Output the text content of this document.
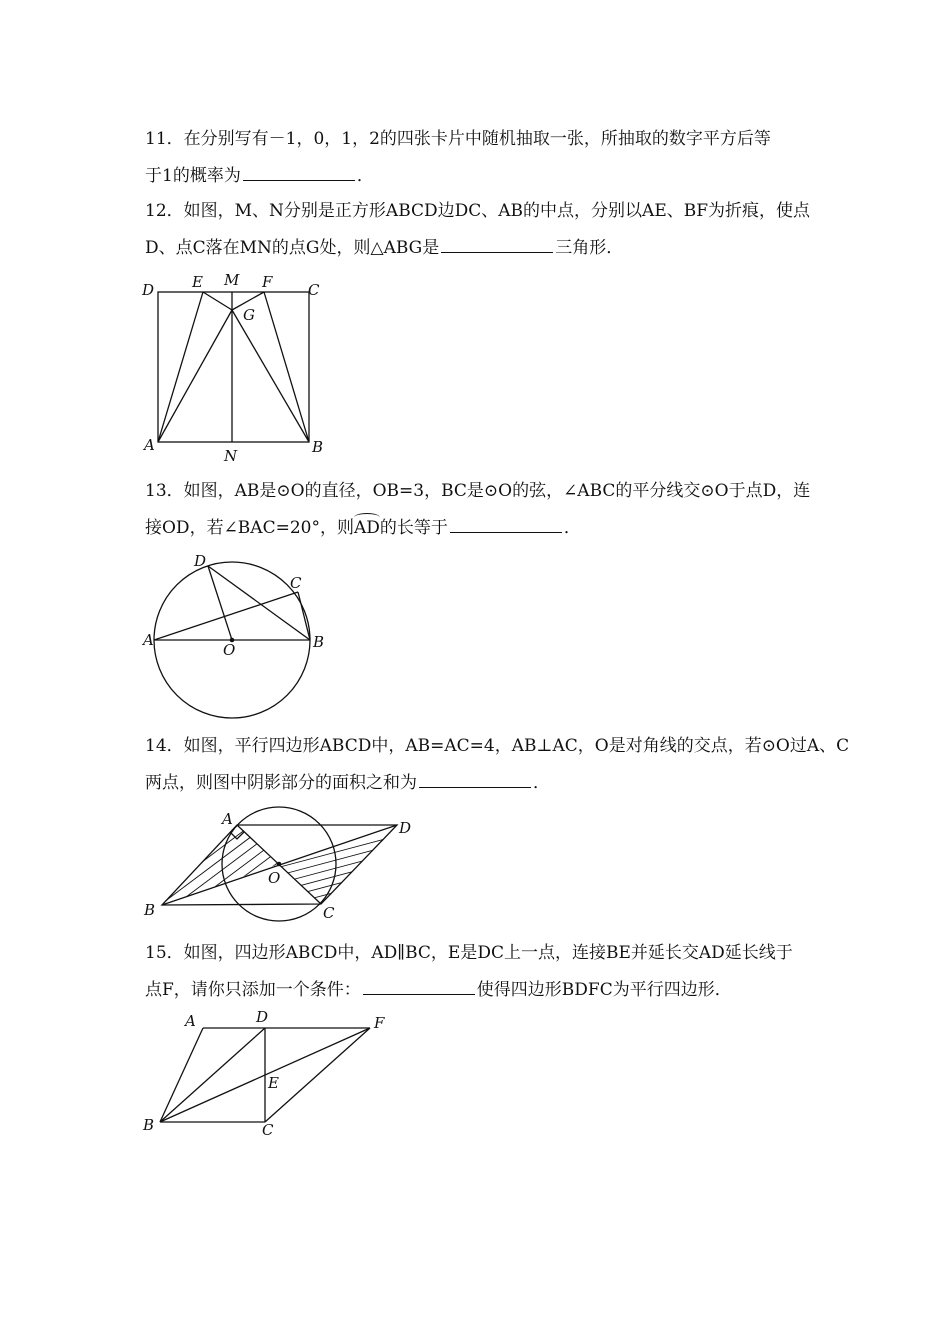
11．在分别写有－1，0，1，2的四张卡片中随机抽取一张，所抽取的数字平方后等
于1的概率为	．
12．如图，M、N分别是正方形ABCD边DC、AB的中点，分别以AE、BF为折痕，使点
D、点C落在MN的点G处，则△ABG是	三角形．
D	E M F C
G
A
N	B
13．如图，AB是⊙O的直径，OB=3，BC是⊙O的弦，∠ABC的平分线交⊙O于点D，连
接OD，若∠BAC=20°，则AD的长等于	．
D
C
A
O	B
14．如图，平行四边形ABCD中，AB=AC=4，AB⊥AC，O是对角线的交点，若⊙O过A、C
两点，则图中阴影部分的面积之和为	．
A	D
O
B	C
15．如图，四边形ABCD中，AD∥BC，E是DC上一点，连接BE并延长交AD延长线于
点F，请你只添加一个条件：	使得四边形BDFC为平行四边形．
A	D	F
E
B	C
